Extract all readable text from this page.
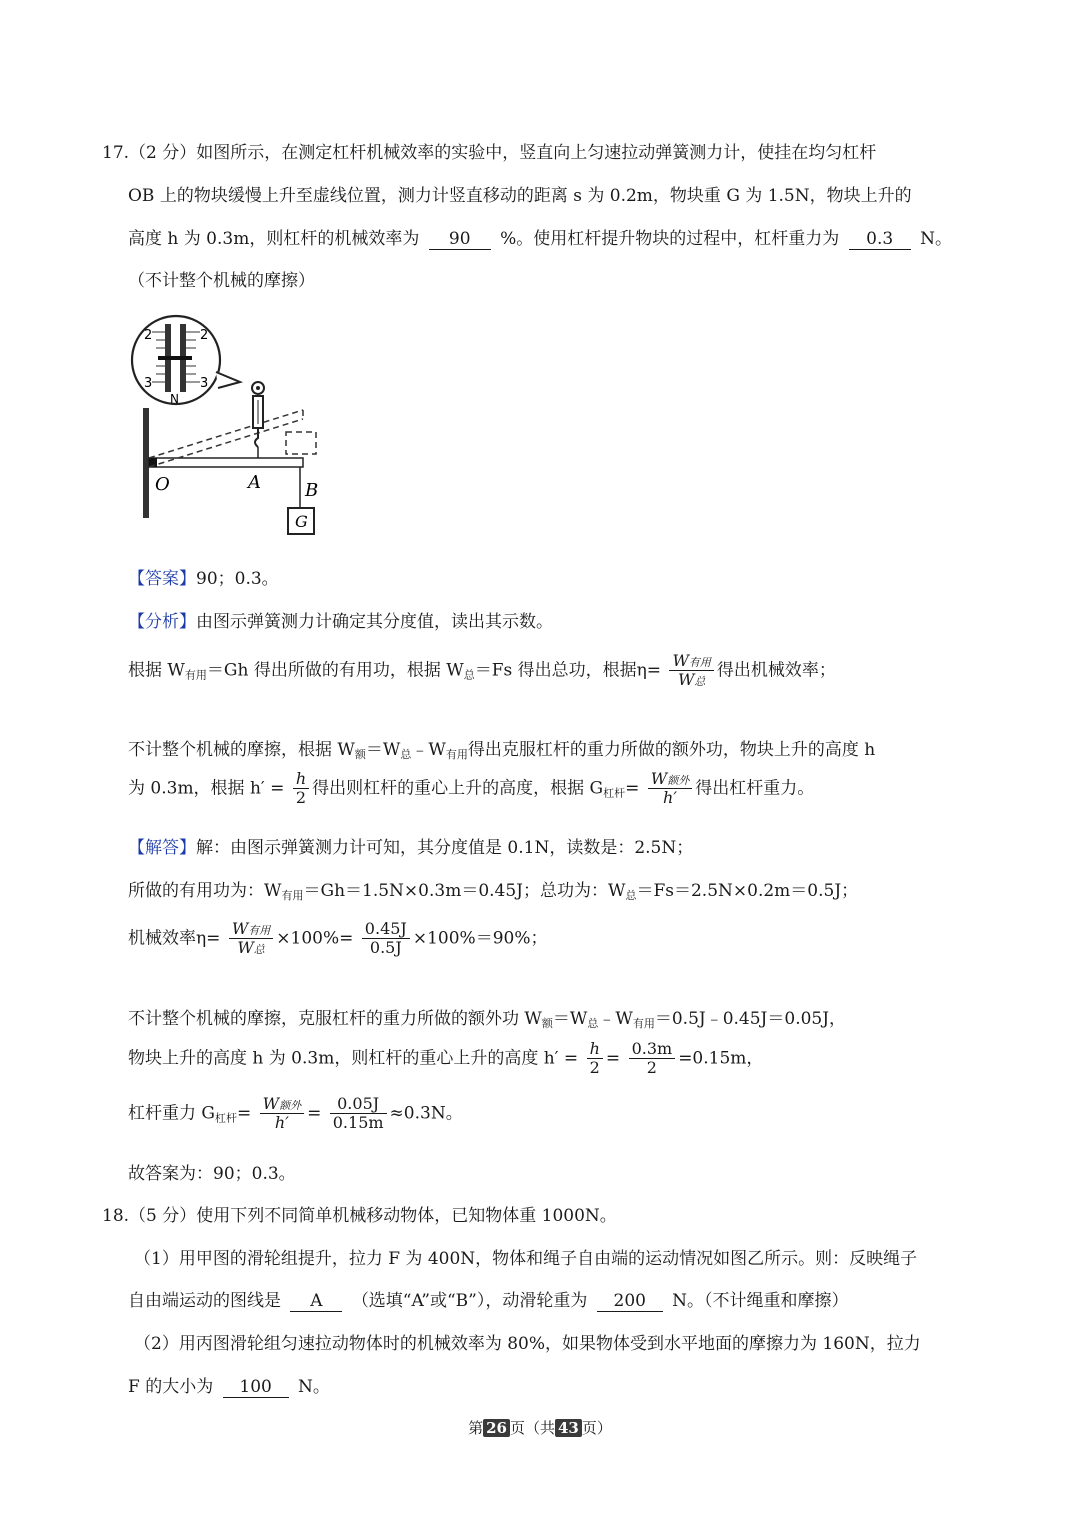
17.（2 分）如图所示，在测定杠杆机械效率的实验中，竖直向上匀速拉动弹簧测力计，使挂在均匀杠杆
OB 上的物块缓慢上升至虚线位置，测力计竖直移动的距离 s 为 0.2m，物块重 G 为 1.5N，物块上升的
高度 h 为 0.3m，则杠杆的机械效率为 90 %。使用杠杆提升物块的过程中，杠杆重力为 0.3 N。
（不计整个机械的摩擦）
2	2
3	3
N
G
O	A B
【答案】90；0.3。
【分析】由图示弹簧测力计确定其分度值，读出其示数。
根据 $W_{有用}=Gh$ 得出所做的有用功，根据 $W_总=Fs$ 得出总功，根据$\eta= \frac{\text{W有用}}{\text{W总}}$ 得出机械效率；
不计整个机械的摩擦，根据 $W_额=W_总﹣W_{有用}$得出克服杠杆的重力所做的额外功，物块上升的高度 h
为 0.3m，根据 $h' = \frac{h}{2}$ 得出则杠杆的重心上升的高度，根据 $G_{杠杆}= \frac{\text{W额外}}{h'}$ 得出杠杆重力。
【解答】解：由图示弹簧测力计可知，其分度值是 0.1N，读数是：2.5N；
所做的有用功为：$W_{有用}=Gh=1.5N\times 0.3m=0.45J$；总功为：$W_总=Fs=2.5N\times 0.2m=0.5J$；
机械效率$\eta= \frac{\text{W有用}}{\text{W总}} \times 100\%= \frac{0.45J}{0.5J} \times 100\%=90\%$；
不计整个机械的摩擦，克服杠杆的重力所做的额外功 $W_额=W_总﹣W_{有用}=0.5J﹣0.45J=0.05J$，
物块上升的高度 h 为 0.3m，则杠杆的重心上升的高度 $h' = \frac{h}{2} = \frac{0.3m}{2} =0.15m$，
杠杆重力 $G_{杠杆}= \frac{\text{W额外}}{h'} = \frac{0.05J}{0.15m} \approx 0.3N$。
故答案为：90；0.3。
18.（5 分）使用下列不同简单机械移动物体，已知物体重 1000N。
（1）用甲图的滑轮组提升，拉力 F 为 400N，物体和绳子自由端的运动情况如图乙所示。则：反映绳子
自由端运动的图线是 A （选填“A”或“B”），动滑轮重为 200 N。（不计绳重和摩擦）
（2）用丙图滑轮组匀速拉动物体时的机械效率为 80%，如果物体受到水平地面的摩擦力为 160N，拉力
F 的大小为 100 N。
第 26 页（共 43 页）
